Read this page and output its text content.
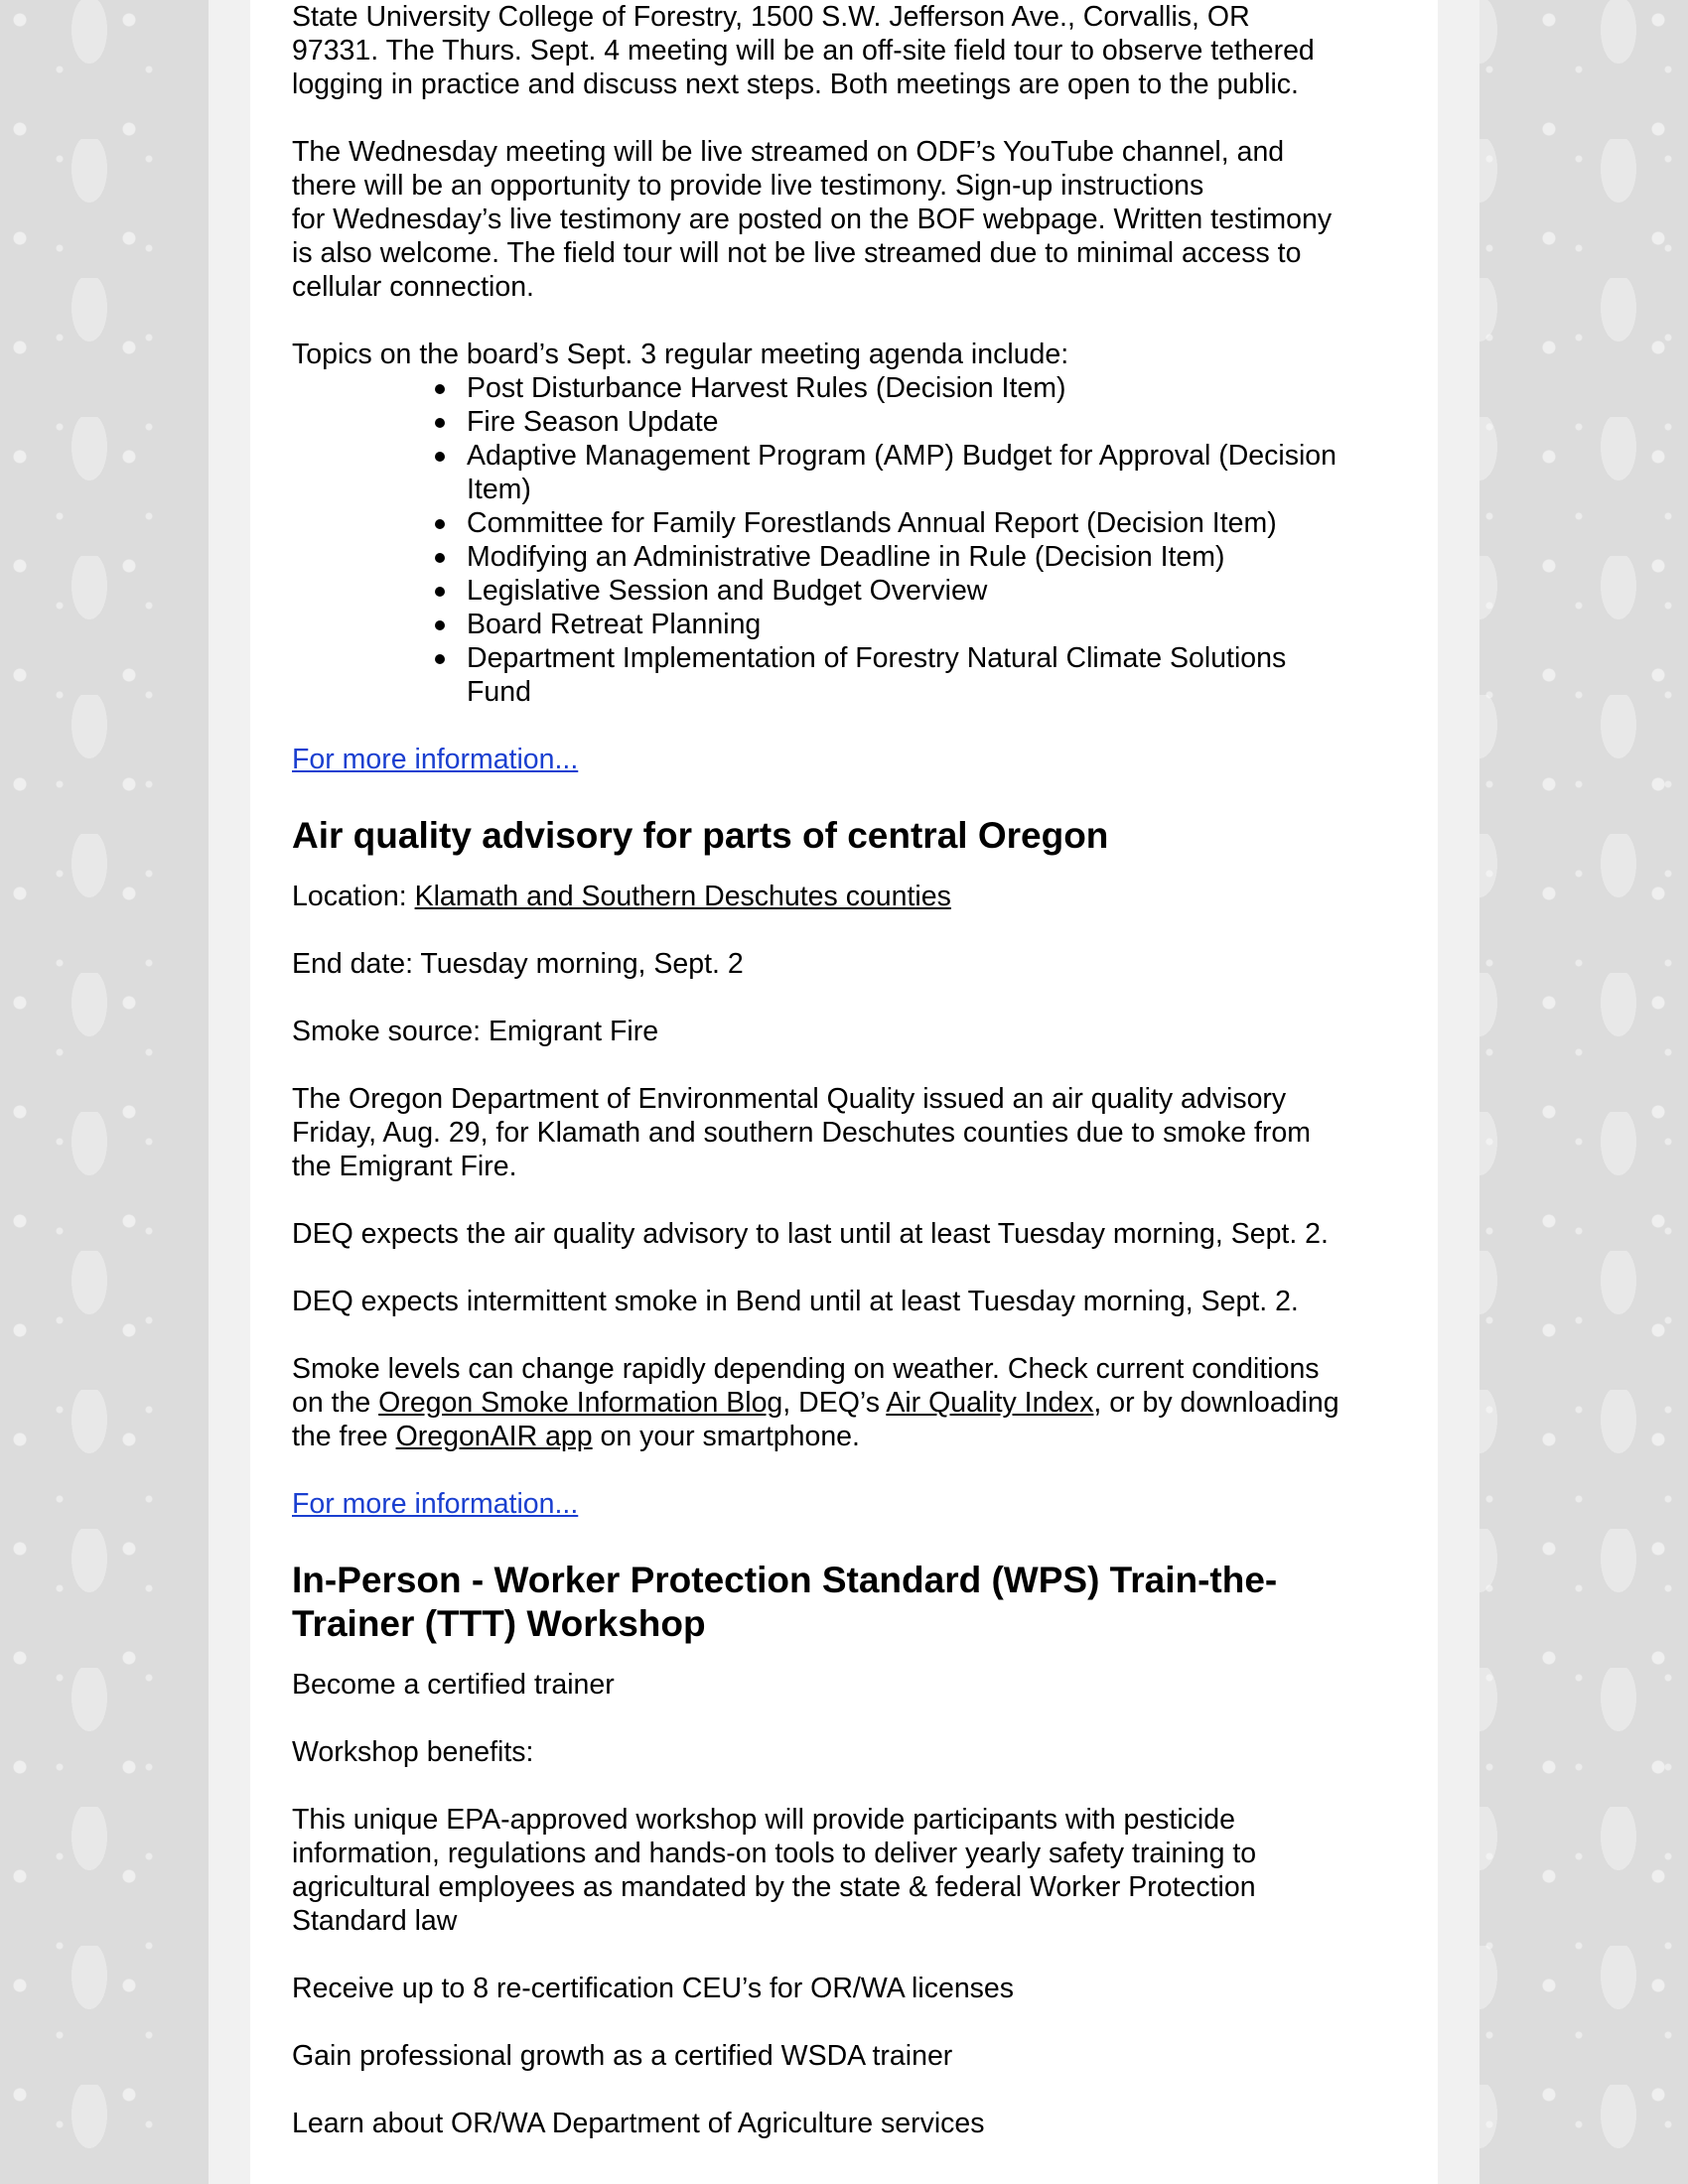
State University College of Forestry, 1500 S.W. Jefferson Ave., Corvallis, OR

97331. The Thurs. Sept. 4 meeting will be an off-site field tour to observe tethered

logging in practice and discuss next steps. Both meetings are open to the public.

The Wednesday meeting will be live streamed on ODF’s YouTube channel, and

there will be an opportunity to provide live testimony. Sign-up instructions

for Wednesday’s live testimony are posted on the BOF webpage. Written testimony

is also welcome. The field tour will not be live streamed due to minimal access to

cellular connection.

Topics on the board’s Sept. 3 regular meeting agenda include:

Post Disturbance Harvest Rules (Decision Item)
Fire Season Update
Adaptive Management Program (AMP) Budget for Approval (Decision
Item)
Committee for Family Forestlands Annual Report (Decision Item)
Modifying an Administrative Deadline in Rule (Decision Item)
Legislative Session and Budget Overview
Board Retreat Planning
Department Implementation of Forestry Natural Climate Solutions
Fund

For more information...

Air quality advisory for parts of central Oregon

Location: Klamath and Southern Deschutes counties

End date: Tuesday morning, Sept. 2

Smoke source: Emigrant Fire

The Oregon Department of Environmental Quality issued an air quality advisory

Friday, Aug. 29, for Klamath and southern Deschutes counties due to smoke from

the Emigrant Fire.

DEQ expects the air quality advisory to last until at least Tuesday morning, Sept. 2.

DEQ expects intermittent smoke in Bend until at least Tuesday morning, Sept. 2.

Smoke levels can change rapidly depending on weather. Check current conditions

on the Oregon Smoke Information Blog, DEQ’s Air Quality Index, or by downloading

the free OregonAIR app on your smartphone.

For more information...

In-Person - Worker Protection Standard (WPS) Train-the-
Trainer (TTT) Workshop

Become a certified trainer

Workshop benefits:

This unique EPA-approved workshop will provide participants with pesticide

information, regulations and hands-on tools to deliver yearly safety training to

agricultural employees as mandated by the state & federal Worker Protection

Standard law

Receive up to 8 re-certification CEU’s for OR/WA licenses

Gain professional growth as a certified WSDA trainer

Learn about OR/WA Department of Agriculture services
